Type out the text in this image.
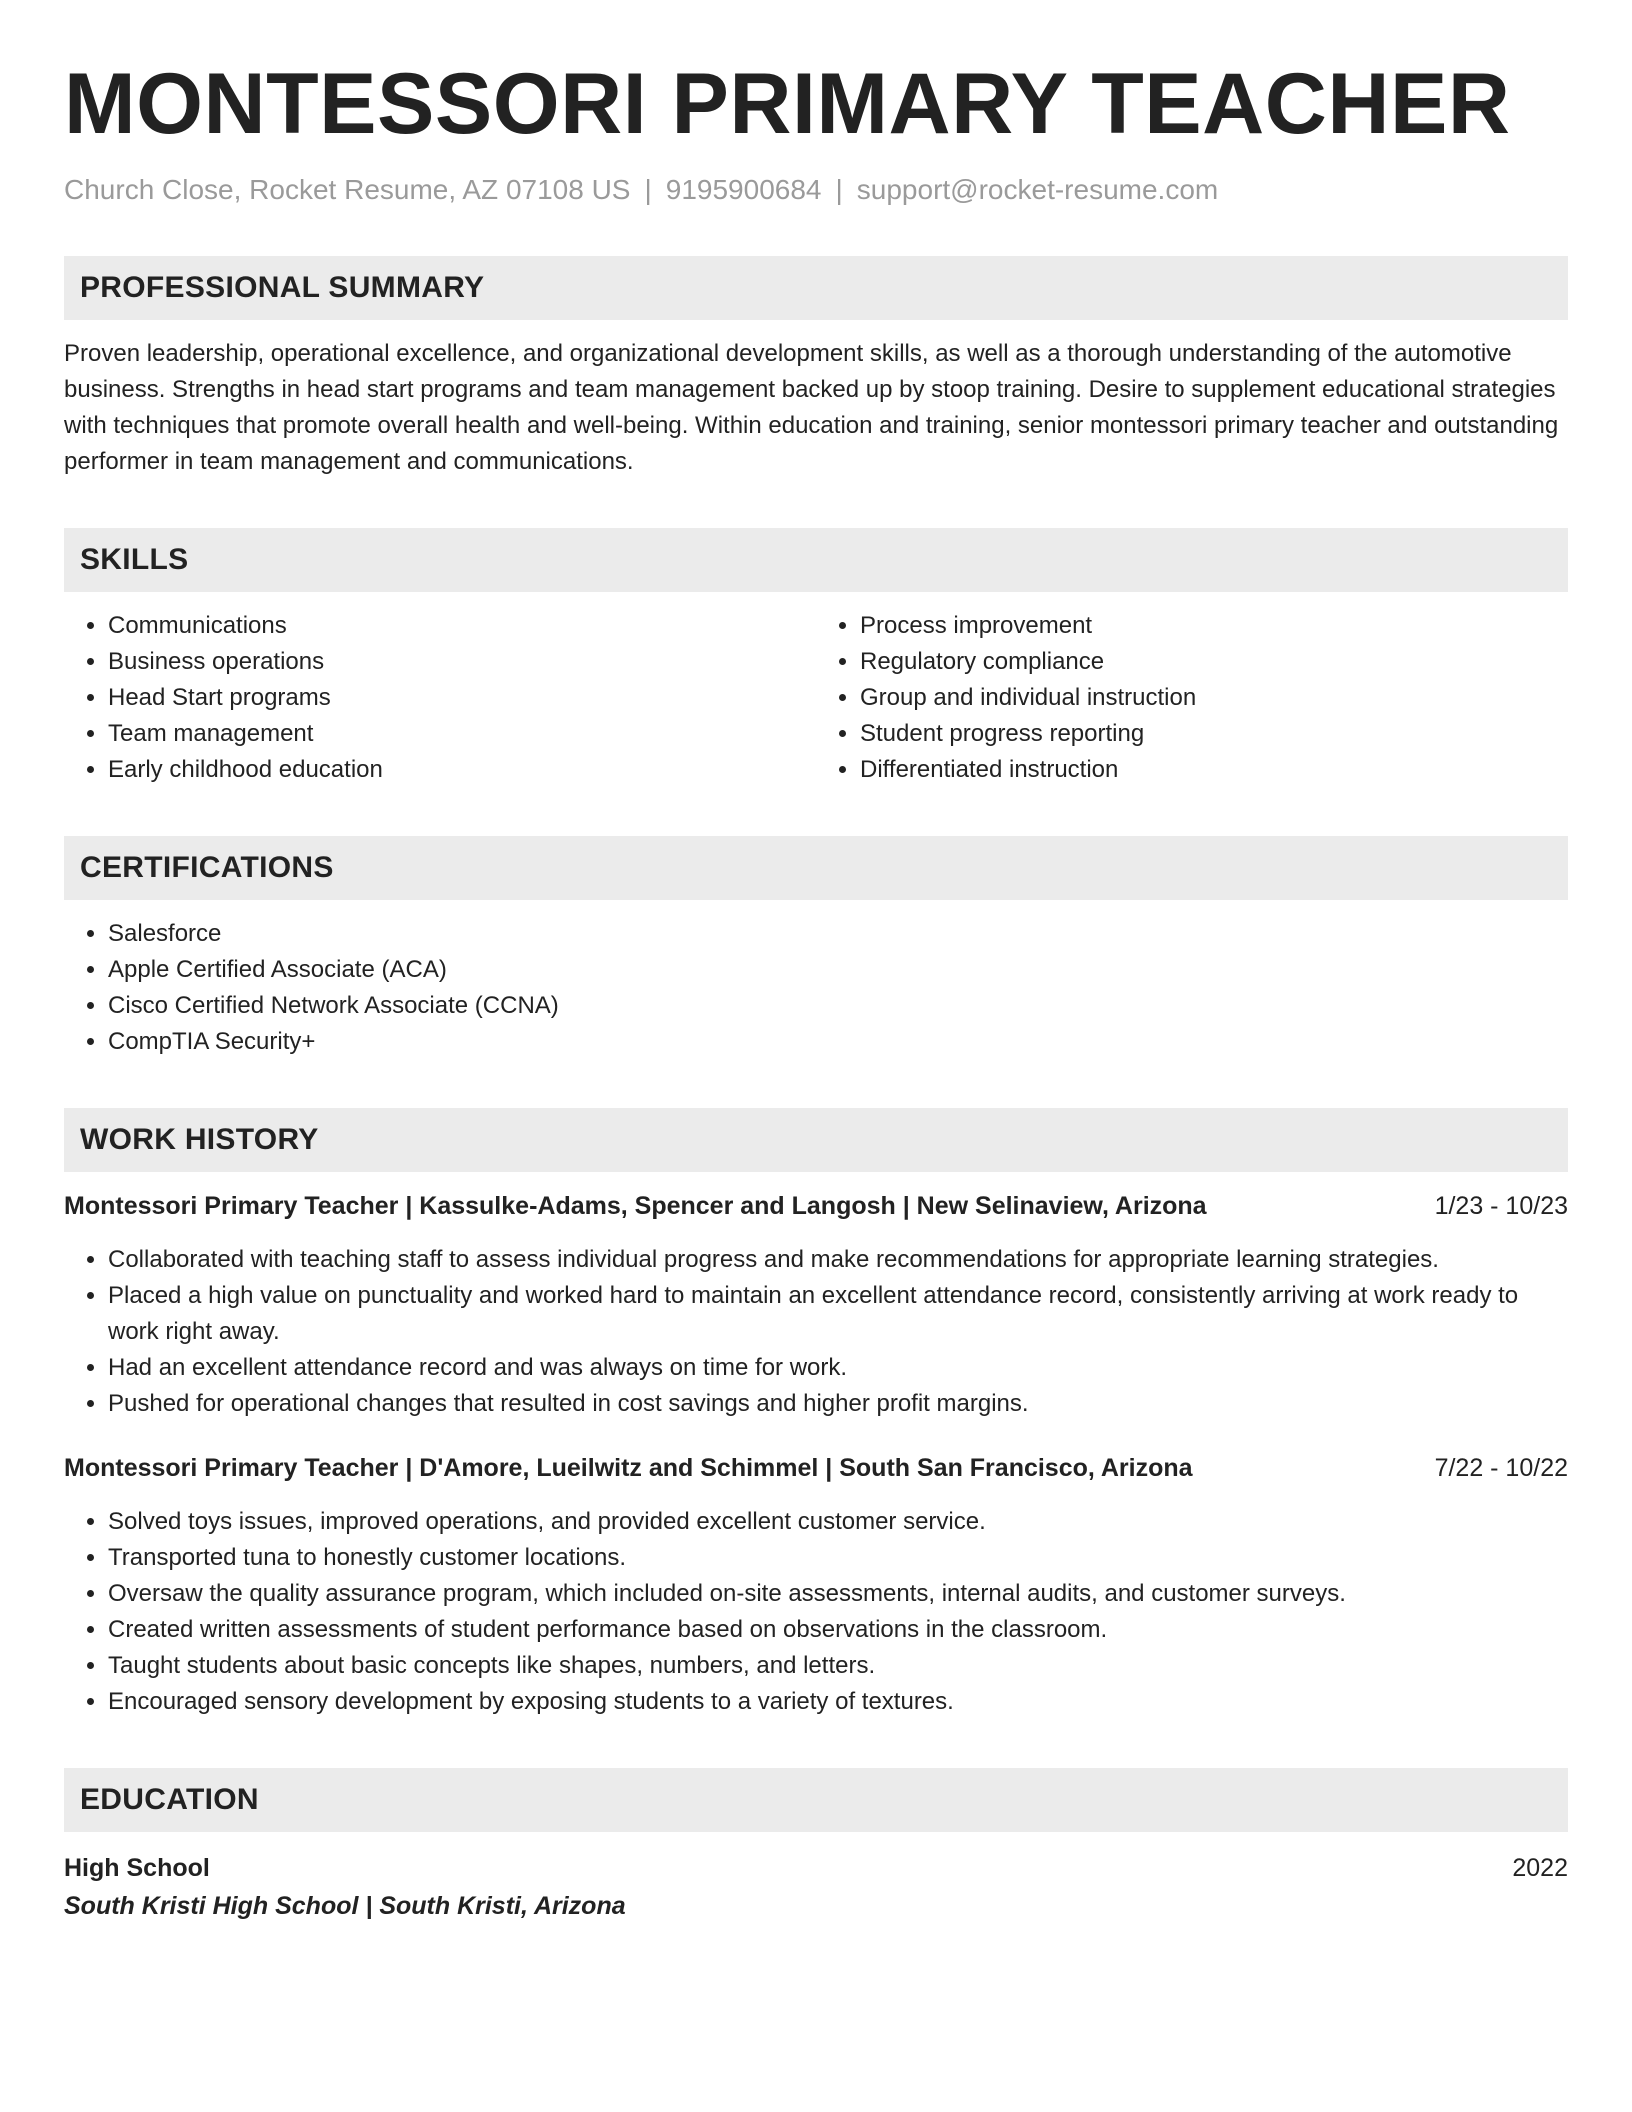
MONTESSORI PRIMARY TEACHER
Church Close, Rocket Resume, AZ 07108 US | 9195900684 | support@rocket-resume.com
PROFESSIONAL SUMMARY

Proven leadership, operational excellence, and organizational development skills, as well as a thorough understanding of the automotive business. Strengths in head start programs and team management backed up by stoop training. Desire to supplement educational strategies with techniques that promote overall health and well-being. Within education and training, senior montessori primary teacher and outstanding performer in team management and communications.

SKILLS
• Communications
• Business operations
• Head Start programs
• Team management
• Early childhood education
• Process improvement
• Regulatory compliance
• Group and individual instruction
• Student progress reporting
• Differentiated instruction
CERTIFICATIONS
• Salesforce
• Apple Certified Associate (ACA)
• Cisco Certified Network Associate (CCNA)
• CompTIA Security+
WORK HISTORY
Montessori Primary Teacher | Kassulke-Adams, Spencer and Langosh | New Selinaview, Arizona	1/23 - 10/23
• Collaborated with teaching staff to assess individual progress and make recommendations for appropriate learning strategies.
• Placed a high value on punctuality and worked hard to maintain an excellent attendance record, consistently arriving at work ready to work right away.
• Had an excellent attendance record and was always on time for work.
• Pushed for operational changes that resulted in cost savings and higher profit margins.
Montessori Primary Teacher | D'Amore, Lueilwitz and Schimmel | South San Francisco, Arizona	7/22 - 10/22
• Solved toys issues, improved operations, and provided excellent customer service.
• Transported tuna to honestly customer locations.
• Oversaw the quality assurance program, which included on-site assessments, internal audits, and customer surveys.
• Created written assessments of student performance based on observations in the classroom.
• Taught students about basic concepts like shapes, numbers, and letters.
• Encouraged sensory development by exposing students to a variety of textures.
EDUCATION
High School	2022
South Kristi High School | South Kristi, Arizona
